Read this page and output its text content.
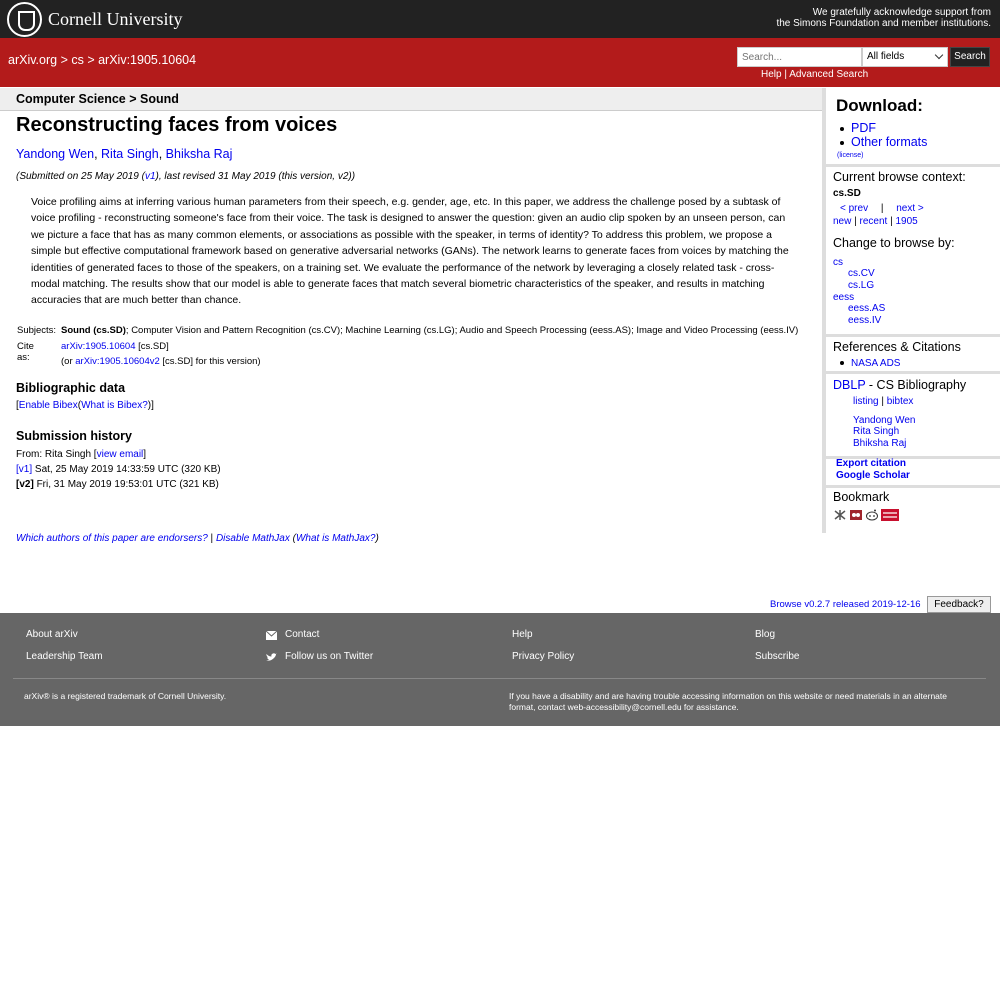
Cornell University	We gratefully acknowledge support from
the Simons Foundation and member institutions.
arXiv.org > cs > arXiv:1905.10604
Search...	All fields	Search
Help | Advanced Search
Computer Science > Sound
Reconstructing faces from voices
Yandong Wen, Rita Singh, Bhiksha Raj
(Submitted on 25 May 2019 (v1), last revised 31 May 2019 (this version, v2))
Voice profiling aims at inferring various human parameters from their speech, e.g. gender, age, etc. In this paper, we address the challenge posed by a subtask of voice profiling - reconstructing someone's face from their voice. The task is designed to answer the question: given an audio clip spoken by an unseen person, can we picture a face that has as many common elements, or associations as possible with the speaker, in terms of identity? To address this problem, we propose a simple but effective computational framework based on generative adversarial networks (GANs). The network learns to generate faces from voices by matching the identities of generated faces to those of the speakers, on a training set. We evaluate the performance of the network by leveraging a closely related task - cross-modal matching. The results show that our model is able to generate faces that match several biometric characteristics of the speaker, and results in matching accuracies that are much better than chance.
Subjects: Sound (cs.SD); Computer Vision and Pattern Recognition (cs.CV); Machine Learning (cs.LG); Audio and Speech Processing (eess.AS); Image and Video Processing (eess.IV)
Cite as:
arXiv:1905.10604 [cs.SD]
(or arXiv:1905.10604v2 [cs.SD] for this version)
Bibliographic data
[Enable Bibex(What is Bibex?)]
Submission history
From: Rita Singh [view email]
[v1] Sat, 25 May 2019 14:33:59 UTC (320 KB)
[v2] Fri, 31 May 2019 19:53:01 UTC (321 KB)
Which authors of this paper are endorsers? | Disable MathJax (What is MathJax?)
Download:
PDF
Other formats
(license)
Current browse context:
cs.SD
< prev | next >
new | recent | 1905
Change to browse by:
cs
cs.CV
cs.LG
eess
eess.AS
eess.IV
References & Citations
NASA ADS
DBLP - CS Bibliography
listing | bibtex
Yandong Wen
Rita Singh
Bhiksha Raj
Export citation
Google Scholar
Bookmark
Browse v0.2.7 released 2019-12-16	Feedback?
About arXiv
Leadership Team
Contact
Follow us on Twitter
Help
Privacy Policy
Blog
Subscribe
arXiv® is a registered trademark of Cornell University.	If you have a disability and are having trouble accessing information on this website or need materials in an alternate format, contact web-accessibility@cornell.edu for assistance.
